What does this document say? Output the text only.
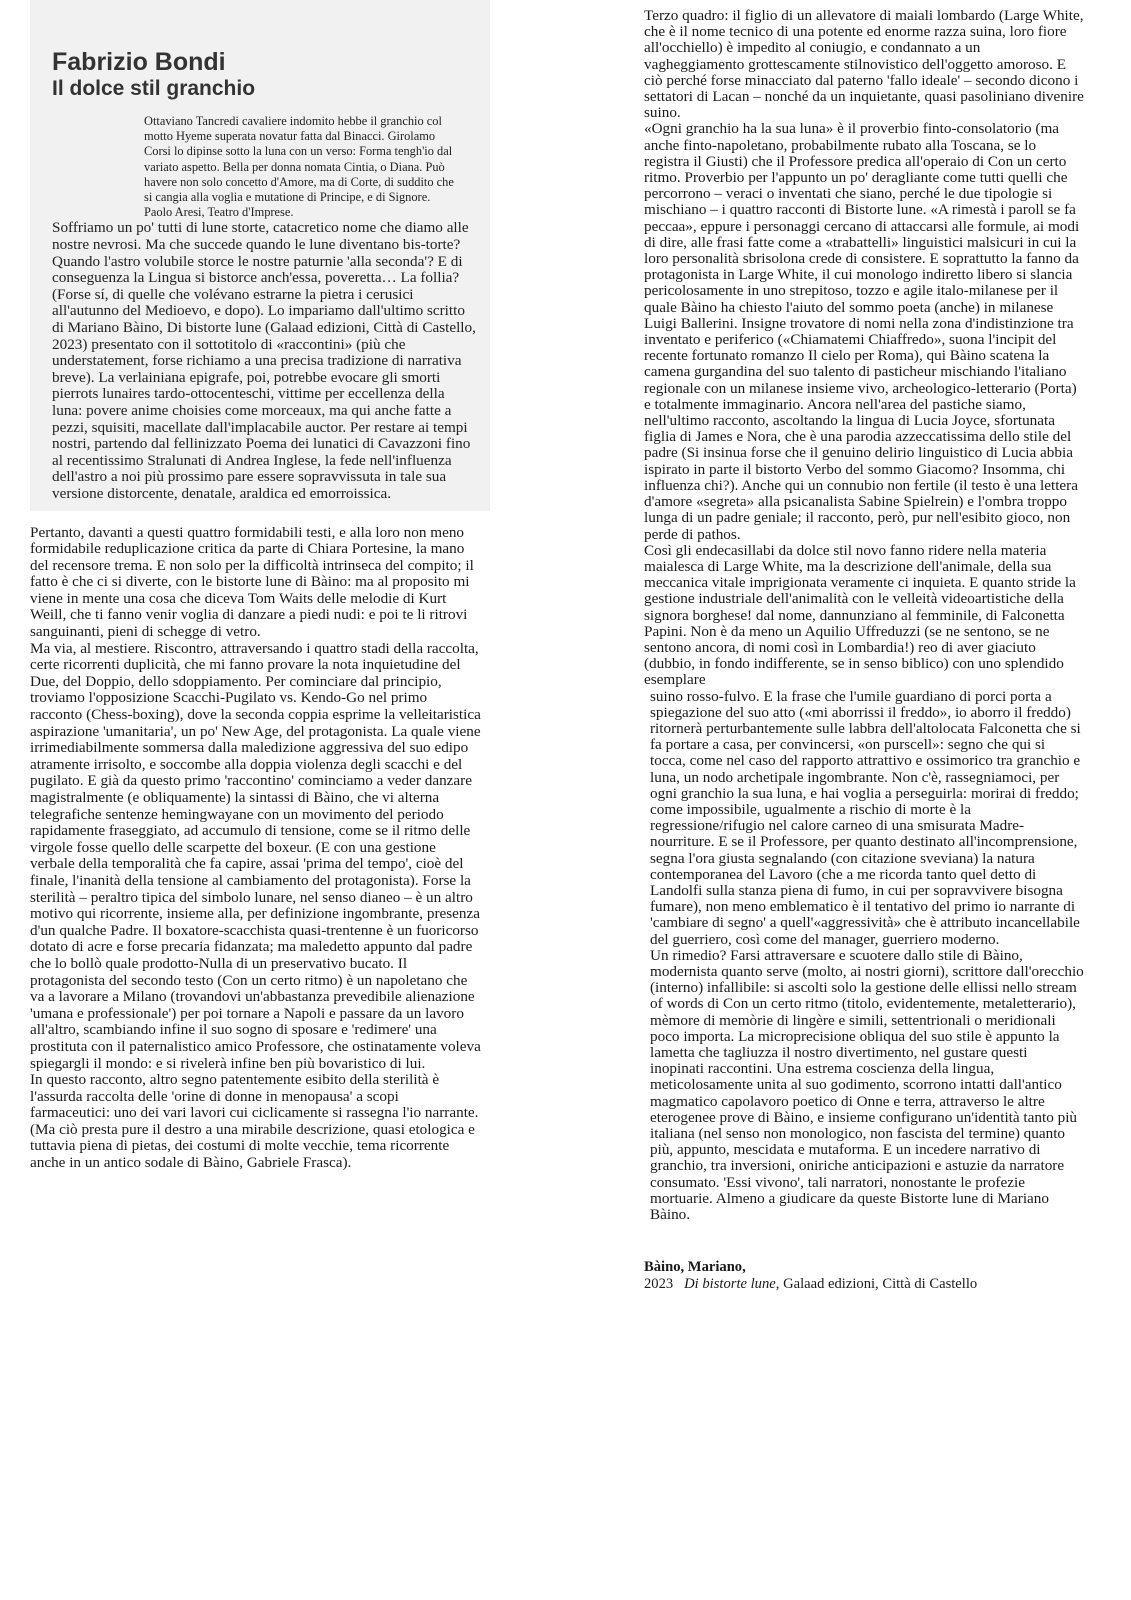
Fabrizio Bondi
Il dolce stil granchio

Ottaviano Tancredi cavaliere indomito hebbe il granchio col motto Hyeme superata novatur fatta dal Binacci. Girolamo Corsi lo dipinse sotto la luna con un verso: Forma tengh'io dal variato aspetto. Bella per donna nomata Cintia, o Diana. Può havere non solo concetto d'Amore, ma di Corte, di suddito che si cangia alla voglia e mutatione di Principe, e di Signore.

Paolo Aresi, Teatro d'Imprese.

Soffriamo un po' tutti di lune storte, catacretico nome che diamo alle nostre nevrosi. Ma che succede quando le lune diventano bis-torte? Quando l'astro volubile storce le nostre paturnie 'alla seconda'? E di conseguenza la Lingua si bistorce anch'essa, poveretta… La follia? (Forse sí, di quelle che volévano estrarne la pietra i cerusici all'autunno del Medioevo, e dopo). Lo impariamo dall'ultimo scritto di Mariano Bàino, Di bistorte lune (Galaad edizioni, Città di Castello, 2023) presentato con il sottotitolo di «raccontini» (più che understatement, forse richiamo a una precisa tradizione di narrativa breve). La verlainiana epigrafe, poi, potrebbe evocare gli smorti pierrots lunaires tardo-ottocenteschi, vittime per eccellenza della luna: povere anime choisies come morceaux, ma qui anche fatte a pezzi, squisiti, macellate dall'implacabile auctor. Per restare ai tempi nostri, partendo dal fellinizzato Poema dei lunatici di Cavazzoni fino al recentissimo Stralunati di Andrea Inglese, la fede nell'influenza dell'astro a noi più prossimo pare essere sopravvissuta in tale sua versione distorcente, denatale, araldica ed emorroissica.

Pertanto, davanti a questi quattro formidabili testi, e alla loro non meno formidabile reduplicazione critica da parte di Chiara Portesine, la mano del recensore trema. E non solo per la difficoltà intrinseca del compito; il fatto è che ci si diverte, con le bistorte lune di Bàino: ma al proposito mi viene in mente una cosa che diceva Tom Waits delle melodie di Kurt Weill, che ti fanno venir voglia di danzare a piedi nudi: e poi te li ritrovi sanguinanti, pieni di schegge di vetro.

Ma via, al mestiere. Riscontro, attraversando i quattro stadi della raccolta, certe ricorrenti duplicità, che mi fanno provare la nota inquietudine del Due, del Doppio, dello sdoppiamento. Per cominciare dal principio, troviamo l'opposizione Scacchi-Pugilato vs. Kendo-Go nel primo racconto (Chess-boxing), dove la seconda coppia esprime la velleitaristica aspirazione 'umanitaria', un po' New Age, del protagonista. La quale viene irrimediabilmente sommersa dalla maledizione aggressiva del suo edipo atramente irrisolto, e soccombe alla doppia violenza degli scacchi e del pugilato. E già da questo primo 'raccontino' cominciamo a veder danzare magistralmente (e obliquamente) la sintassi di Bàino, che vi alterna telegrafiche sentenze hemingwayane con un movimento del periodo rapidamente fraseggiato, ad accumulo di tensione, come se il ritmo delle virgole fosse quello delle scarpette del boxeur. (E con una gestione verbale della temporalità che fa capire, assai 'prima del tempo', cioè del finale, l'inanità della tensione al cambiamento del protagonista). Forse la sterilità – peraltro tipica del simbolo lunare, nel senso dianeo – è un altro motivo qui ricorrente, insieme alla, per definizione ingombrante, presenza d'un qualche Padre. Il boxatore-scacchista quasi-trentenne è un fuoricorso dotato di acre e forse precaria fidanzata; ma maledetto appunto dal padre che lo bollò quale prodotto-Nulla di un preservativo bucato. Il protagonista del secondo testo (Con un certo ritmo) è un napoletano che va a lavorare a Milano (trovandovi un'abbastanza prevedibile alienazione 'umana e professionale') per poi tornare a Napoli e passare da un lavoro all'altro, scambiando infine il suo sogno di sposare e 'redimere' una prostituta con il paternalistico amico Professore, che ostinatamente voleva spiegargli il mondo: e si rivelerà infine ben più bovaristico di lui.

In questo racconto, altro segno patentemente esibito della sterilità è l'assurda raccolta delle 'orine di donne in menopausa' a scopi farmaceutici: uno dei vari lavori cui ciclicamente si rassegna l'io narrante. (Ma ciò presta pure il destro a una mirabile descrizione, quasi etologica e tuttavia piena di pietas, dei costumi di molte vecchie, tema ricorrente anche in un antico sodale di Bàino, Gabriele Frasca).

Terzo quadro: il figlio di un allevatore di maiali lombardo (Large White, che è il nome tecnico di una potente ed enorme razza suina, loro fiore all'occhiello) è impedito al coniugio, e condannato a un vagheggiamento grottescamente stilnovistico dell'oggetto amoroso. E ciò perché forse minacciato dal paterno 'fallo ideale' – secondo dicono i settatori di Lacan – nonché da un inquietante, quasi pasoliniano divenire suino.

«Ogni granchio ha la sua luna» è il proverbio finto-consolatorio (ma anche finto-napoletano, probabilmente rubato alla Toscana, se lo registra il Giusti) che il Professore predica all'operaio di Con un certo ritmo. Proverbio per l'appunto un po' deragliante come tutti quelli che percorrono – veraci o inventati che siano, perché le due tipologie si mischiano – i quattro racconti di Bistorte lune. «A rimestà i paroll se fa peccaa», eppure i personaggi cercano di attaccarsi alle formule, ai modi di dire, alle frasi fatte come a «trabattelli» linguistici malsicuri in cui la loro personalità sbrisolona crede di consistere. E soprattutto la fanno da protagonista in Large White, il cui monologo indiretto libero si slancia pericolosamente in uno strepitoso, tozzo e agile italo-milanese per il quale Bàino ha chiesto l'aiuto del sommo poeta (anche) in milanese Luigi Ballerini. Insigne trovatore di nomi nella zona d'indistinzione tra inventato e periferico («Chiamatemi Chiaffredo», suona l'incipit del recente fortunato romanzo Il cielo per Roma), qui Bàino scatena la camena gurgandina del suo talento di pasticheur mischiando l'italiano regionale con un milanese insieme vivo, archeologico-letterario (Porta) e totalmente immaginario. Ancora nell'area del pastiche siamo, nell'ultimo racconto, ascoltando la lingua di Lucia Joyce, sfortunata figlia di James e Nora, che è una parodia azzeccatissima dello stile del padre (Si insinua forse che il genuino delirio linguistico di Lucia abbia ispirato in parte il bistorto Verbo del sommo Giacomo? Insomma, chi influenza chi?). Anche qui un connubio non fertile (il testo è una lettera d'amore «segreta» alla psicanalista Sabine Spielrein) e l'ombra troppo lunga di un padre geniale; il racconto, però, pur nell'esibito gioco, non perde di pathos.

Così gli endecasillabi da dolce stil novo fanno ridere nella materia maialesca di Large White, ma la descrizione dell'animale, della sua meccanica vitale imprigionata veramente ci inquieta. E quanto stride la gestione industriale dell'animalità con le velleità videoartistiche della signora borghese! dal nome, dannunziano al femminile, di Falconetta Papini. Non è da meno un Aquilio Uffreduzzi (se ne sentono, se ne sentono ancora, di nomi così in Lombardia!) reo di aver giaciuto (dubbio, in fondo indifferente, se in senso biblico) con uno splendido esemplare

suino rosso-fulvo. E la frase che l'umile guardiano di porci porta a spiegazione del suo atto («mi aborrissi il freddo», io aborro il freddo) ritornerà perturbantemente sulle labbra dell'altolocata Falconetta che si fa portare a casa, per convincersi, «on purscell»: segno che qui si tocca, come nel caso del rapporto attrattivo e ossimorico tra granchio e luna, un nodo archetipale ingombrante. Non c'è, rassegniamoci, per ogni granchio la sua luna, e hai voglia a perseguirla: morirai di freddo; come impossibile, ugualmente a rischio di morte è la regressione/rifugio nel calore carneo di una smisurata Madre-nourriture. E se il Professore, per quanto destinato all'incomprensione, segna l'ora giusta segnalando (con citazione sveviana) la natura contemporanea del Lavoro (che a me ricorda tanto quel detto di Landolfi sulla stanza piena di fumo, in cui per sopravvivere bisogna fumare), non meno emblematico è il tentativo del primo io narrante di 'cambiare di segno' a quell'«aggressività» che è attributo incancellabile del guerriero, così come del manager, guerriero moderno.

Un rimedio? Farsi attraversare e scuotere dallo stile di Bàino, modernista quanto serve (molto, ai nostri giorni), scrittore dall'orecchio (interno) infallibile: si ascolti solo la gestione delle ellissi nello stream of words di Con un certo ritmo (titolo, evidentemente, metaletterario), mèmore di memòrie di lingère e simili, settentrionali o meridionali poco importa. La microprecisione obliqua del suo stile è appunto la lametta che tagliuzza il nostro divertimento, nel gustare questi inopinati raccontini. Una estrema coscienza della lingua, meticolosamente unita al suo godimento, scorrono intatti dall'antico magmatico capolavoro poetico di Onne e terra, attraverso le altre eterogenee prove di Bàino, e insieme configurano un'identità tanto più italiana (nel senso non monologico, non fascista del termine) quanto più, appunto, mescidata e mutaforma. E un incedere narrativo di granchio, tra inversioni, oniriche anticipazioni e astuzie da narratore consumato. 'Essi vivono', tali narratori, nonostante le profezie mortuarie. Almeno a giudicare da queste Bistorte lune di Mariano Bàino.

Bàino, Mariano,
2023 Di bistorte lune, Galaad edizioni, Città di Castello
